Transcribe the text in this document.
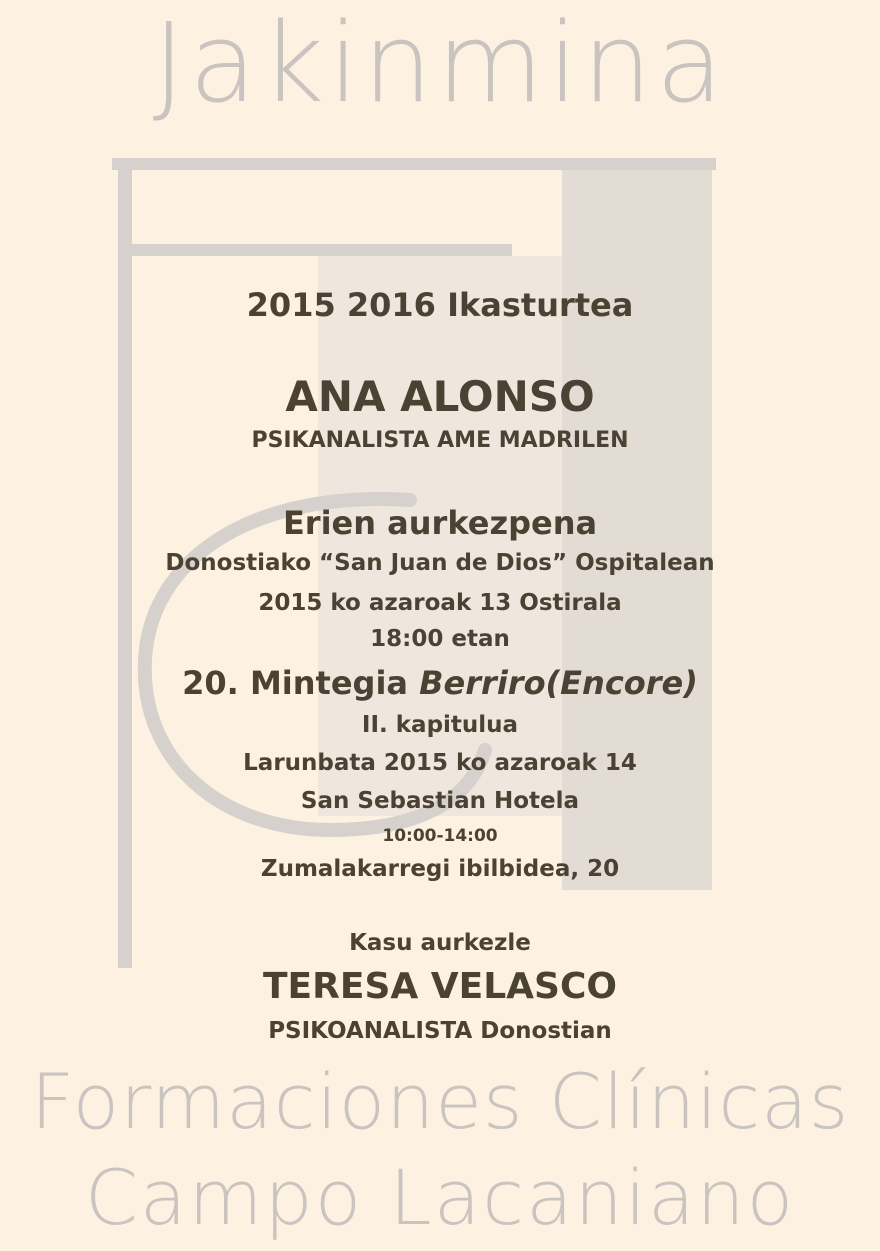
Jakinmina
Formaciones Clínicas
Campo Lacaniano
2015 2016 Ikasturtea
ANA ALONSO
PSIKANALISTA AME MADRILEN
Erien aurkezpena
Donostiako “San Juan de Dios” Ospitalean
2015 ko azaroak 13 Ostirala
18:00 etan
20. Mintegia Berriro(Encore)
II. kapitulua
Larunbata 2015 ko azaroak 14
San Sebastian Hotela
10:00-14:00
Zumalakarregi ibilbidea, 20
Kasu aurkezle
TERESA VELASCO
PSIKOANALISTA Donostian
